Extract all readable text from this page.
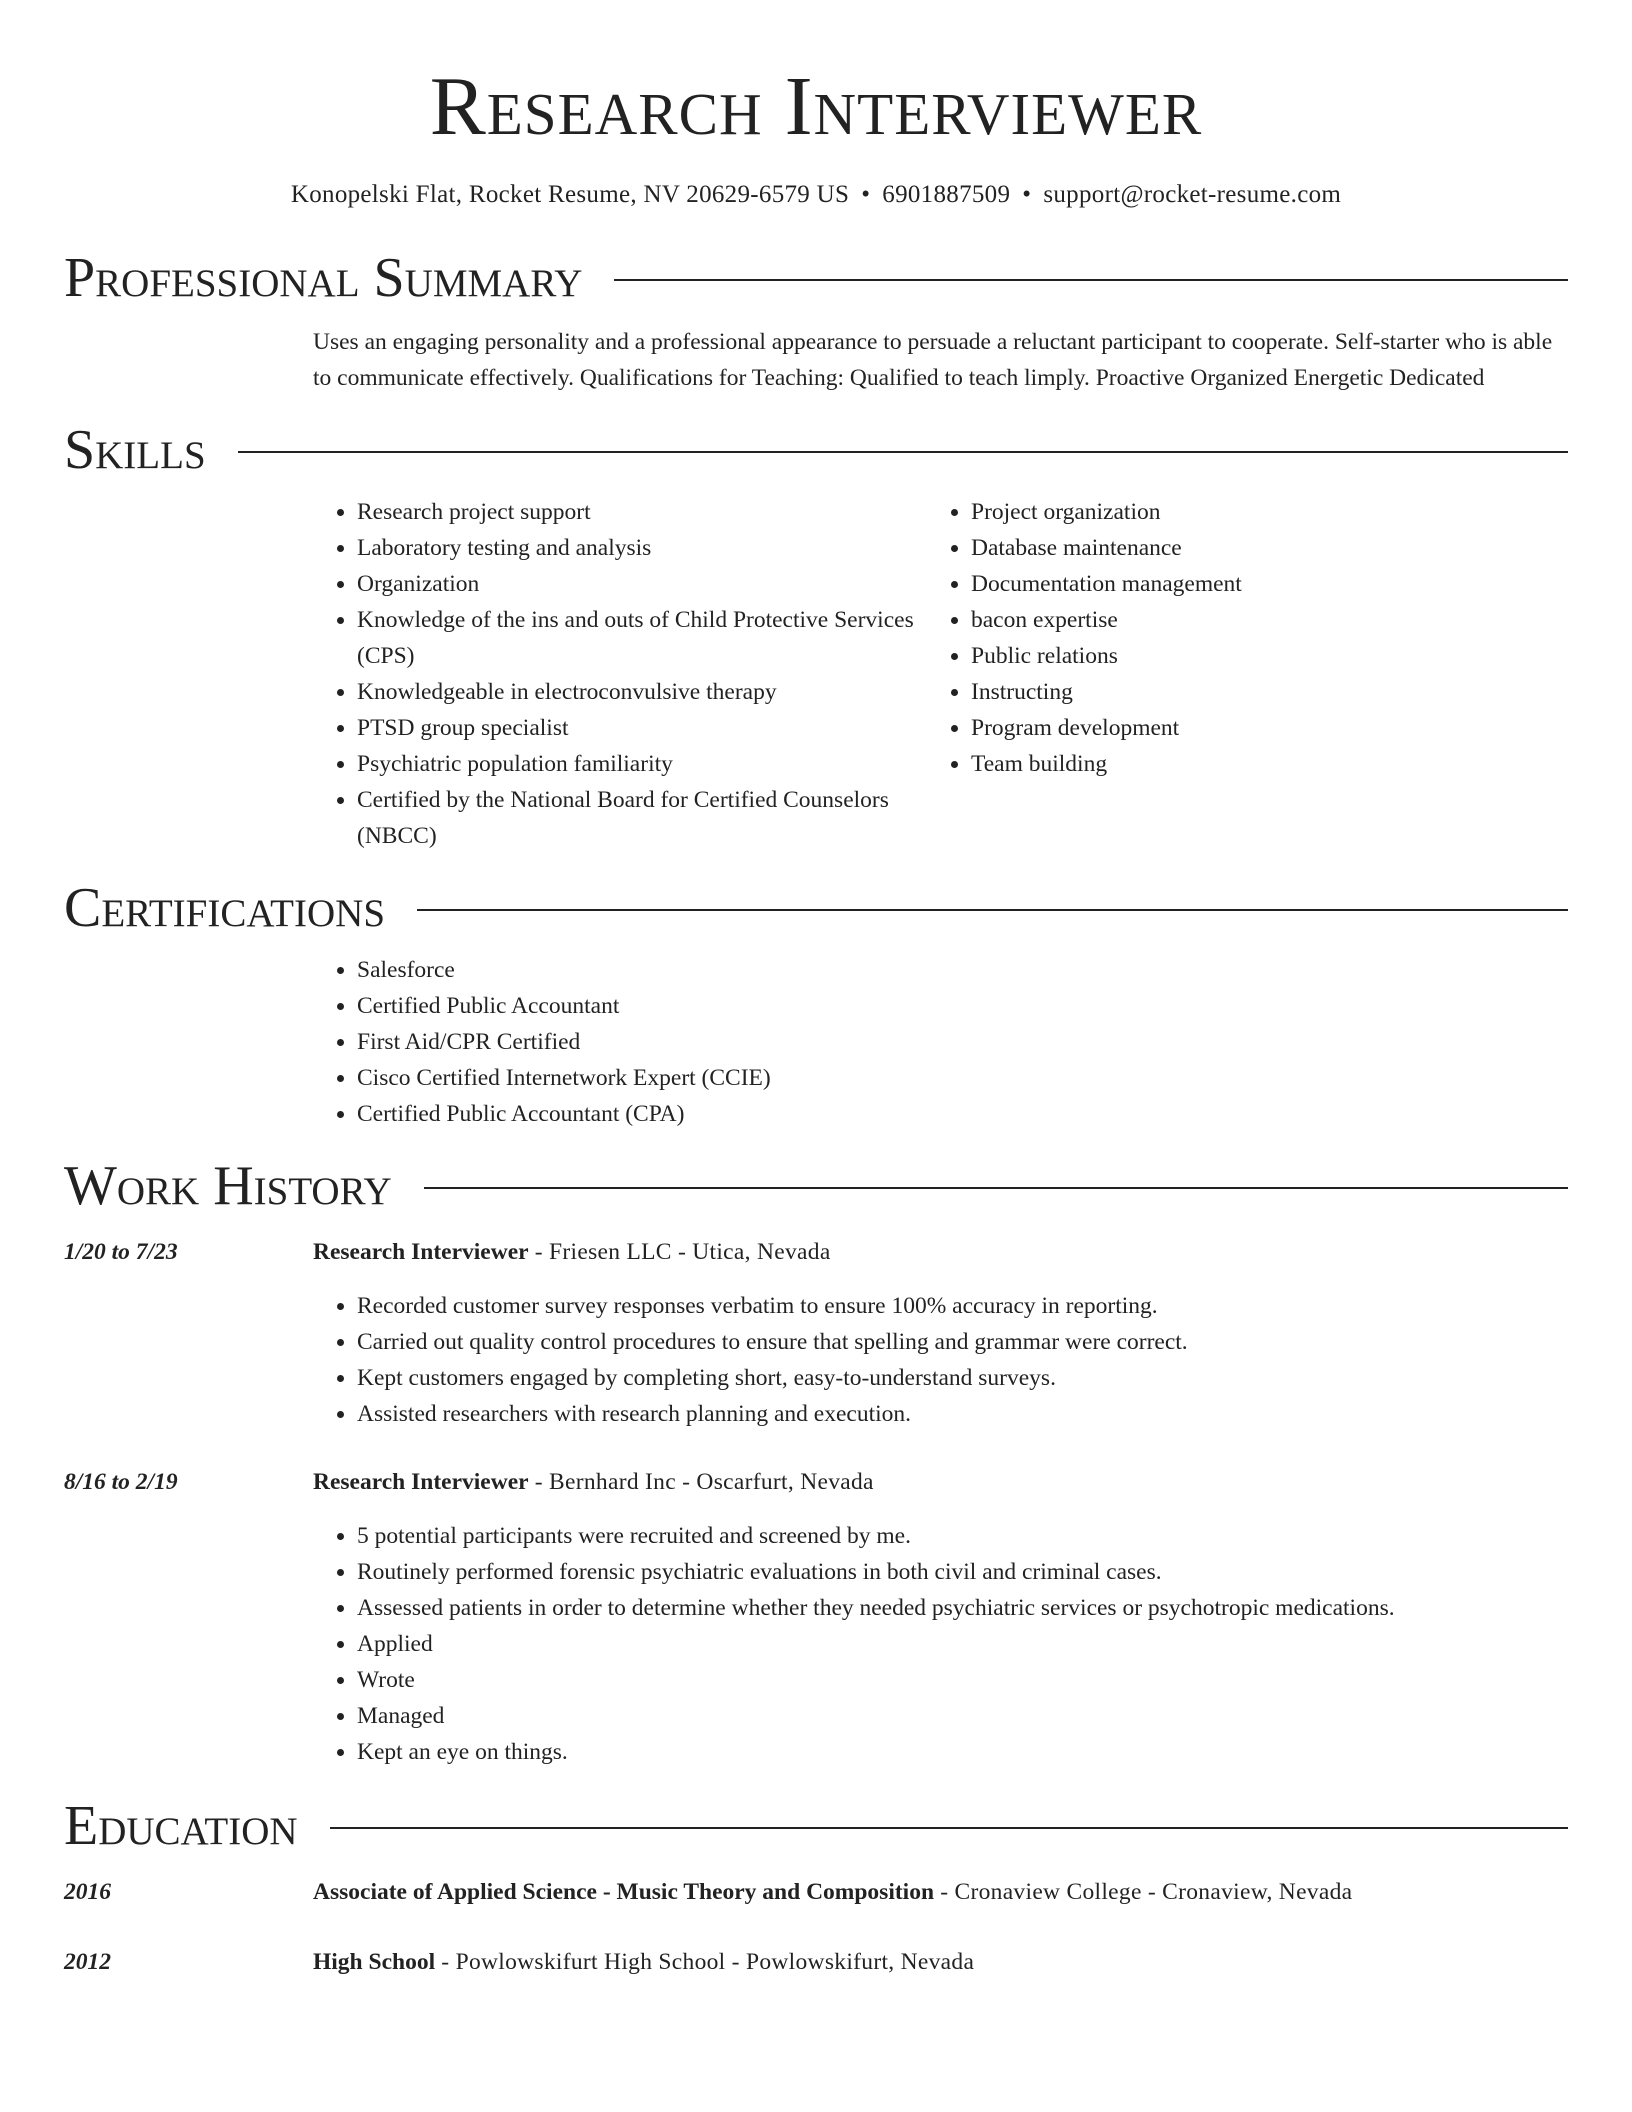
Research Interviewer
Konopelski Flat, Rocket Resume, NV 20629-6579 US • 6901887509 • support@rocket-resume.com
Professional Summary

Uses an engaging personality and a professional appearance to persuade a reluctant participant to cooperate. Self-starter who is able to communicate effectively. Qualifications for Teaching: Qualified to teach limply. Proactive Organized Energetic Dedicated

Skills
• Research project support
• Laboratory testing and analysis
• Organization
• Knowledge of the ins and outs of Child Protective Services (CPS)
• Knowledgeable in electroconvulsive therapy
• PTSD group specialist
• Psychiatric population familiarity
• Certified by the National Board for Certified Counselors (NBCC)
• Project organization
• Database maintenance
• Documentation management
• bacon expertise
• Public relations
• Instructing
• Program development
• Team building
Certifications
• Salesforce
• Certified Public Accountant
• First Aid/CPR Certified
• Cisco Certified Internetwork Expert (CCIE)
• Certified Public Accountant (CPA)
Work History
1/20 to 7/23	Research Interviewer - Friesen LLC - Utica, Nevada
• Recorded customer survey responses verbatim to ensure 100% accuracy in reporting.
• Carried out quality control procedures to ensure that spelling and grammar were correct.
• Kept customers engaged by completing short, easy-to-understand surveys.
• Assisted researchers with research planning and execution.
8/16 to 2/19	Research Interviewer - Bernhard Inc - Oscarfurt, Nevada
• 5 potential participants were recruited and screened by me.
• Routinely performed forensic psychiatric evaluations in both civil and criminal cases.
• Assessed patients in order to determine whether they needed psychiatric services or psychotropic medications.
• Applied
• Wrote
• Managed
• Kept an eye on things.
Education
2016	Associate of Applied Science - Music Theory and Composition - Cronaview College - Cronaview, Nevada
2012	High School - Powlowskifurt High School - Powlowskifurt, Nevada
